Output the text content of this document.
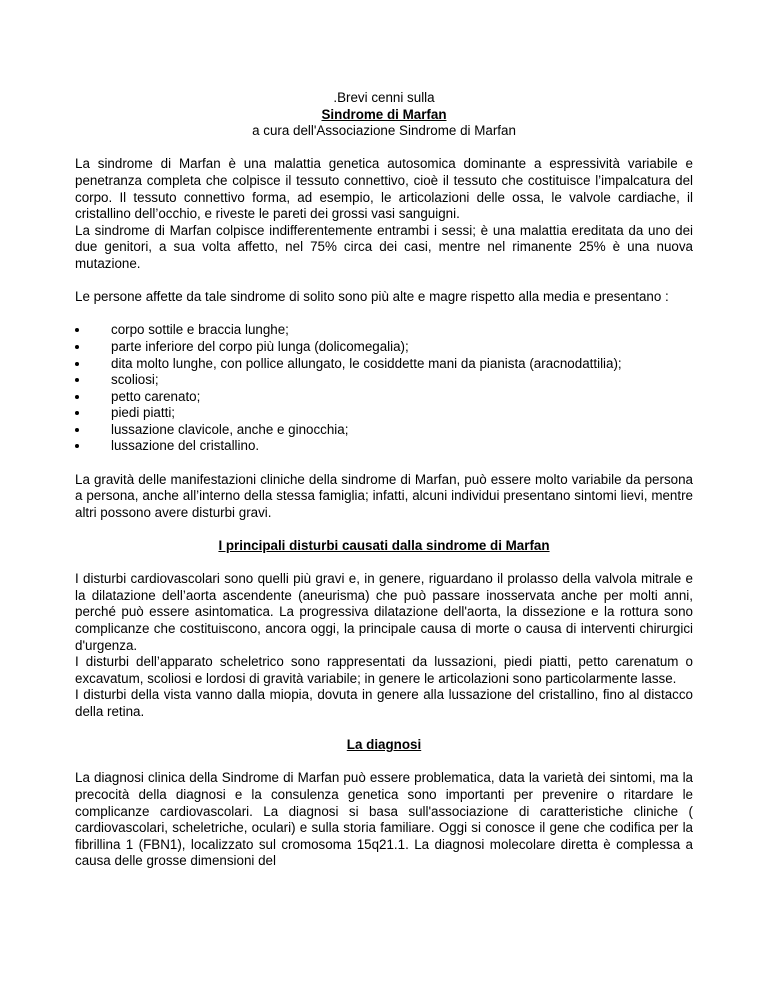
.Brevi cenni sulla
Sindrome di Marfan
a cura dell'Associazione Sindrome di Marfan

La sindrome di Marfan è una malattia genetica autosomica dominante a espressività variabile e penetranza completa che colpisce il tessuto connettivo, cioè il tessuto che costituisce l’impalcatura del corpo. Il tessuto connettivo forma, ad esempio, le articolazioni delle ossa, le valvole cardiache, il cristallino dell’occhio, e riveste le pareti dei grossi vasi sanguigni.

La sindrome di Marfan colpisce indifferentemente entrambi i sessi; è una malattia ereditata da uno dei due genitori, a sua volta affetto, nel 75% circa dei casi, mentre nel rimanente 25% è una nuova mutazione.

Le persone affette da tale sindrome di solito sono più alte e magre rispetto alla media e presentano :

corpo sottile e braccia lunghe;
parte inferiore del corpo più lunga (dolicomegalia);
dita molto lunghe, con pollice allungato, le cosiddette mani da pianista (aracnodattilia);
scoliosi;
petto carenato;
piedi piatti;
lussazione clavicole, anche e ginocchia;
lussazione del cristallino.

La gravità delle manifestazioni cliniche della sindrome di Marfan, può essere molto variabile da persona a persona, anche all’interno della stessa famiglia; infatti, alcuni individui presentano sintomi lievi, mentre altri possono avere disturbi gravi.

I principali disturbi causati dalla sindrome di Marfan

I disturbi cardiovascolari sono quelli più gravi e, in genere, riguardano il prolasso della valvola mitrale e la dilatazione dell’aorta ascendente (aneurisma) che può passare inosservata anche per molti anni, perché può essere asintomatica. La progressiva dilatazione dell'aorta, la dissezione e la rottura sono complicanze che costituiscono, ancora oggi, la principale causa di morte o causa di interventi chirurgici d'urgenza.

I disturbi dell’apparato scheletrico sono rappresentati da lussazioni, piedi piatti, petto carenatum o excavatum, scoliosi e lordosi di gravità variabile; in genere le articolazioni sono particolarmente lasse.

I disturbi della vista vanno dalla miopia, dovuta in genere alla lussazione del cristallino, fino al distacco della retina.

La diagnosi

La diagnosi clinica della Sindrome di Marfan può essere problematica, data la varietà dei sintomi, ma la precocità della diagnosi e la consulenza genetica sono importanti per prevenire o ritardare le complicanze cardiovascolari. La diagnosi si basa sull'associazione di caratteristiche cliniche ( cardiovascolari, scheletriche, oculari) e sulla storia familiare. Oggi si conosce il gene che codifica per la fibrillina 1 (FBN1), localizzato sul cromosoma 15q21.1. La diagnosi molecolare diretta è complessa a causa delle grosse dimensioni del
